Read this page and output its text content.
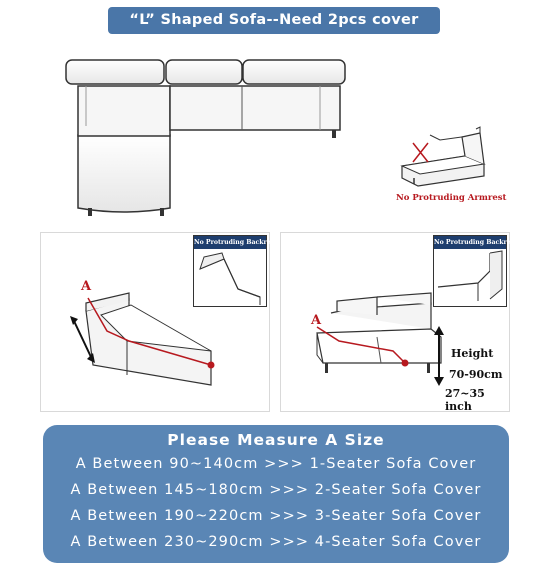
“L” Shaped Sofa--Need 2pcs cover
No Protruding Armrest
A
No Protruding Backrest
A
Height
70-90cm
27~35 inch
No Protruding Backrest
Please Measure A Size
A Between 90~140cm >>> 1-Seater Sofa Cover
A Between 145~180cm >>> 2-Seater Sofa Cover
A Between 190~220cm >>> 3-Seater Sofa Cover
A Between 230~290cm >>> 4-Seater Sofa Cover
